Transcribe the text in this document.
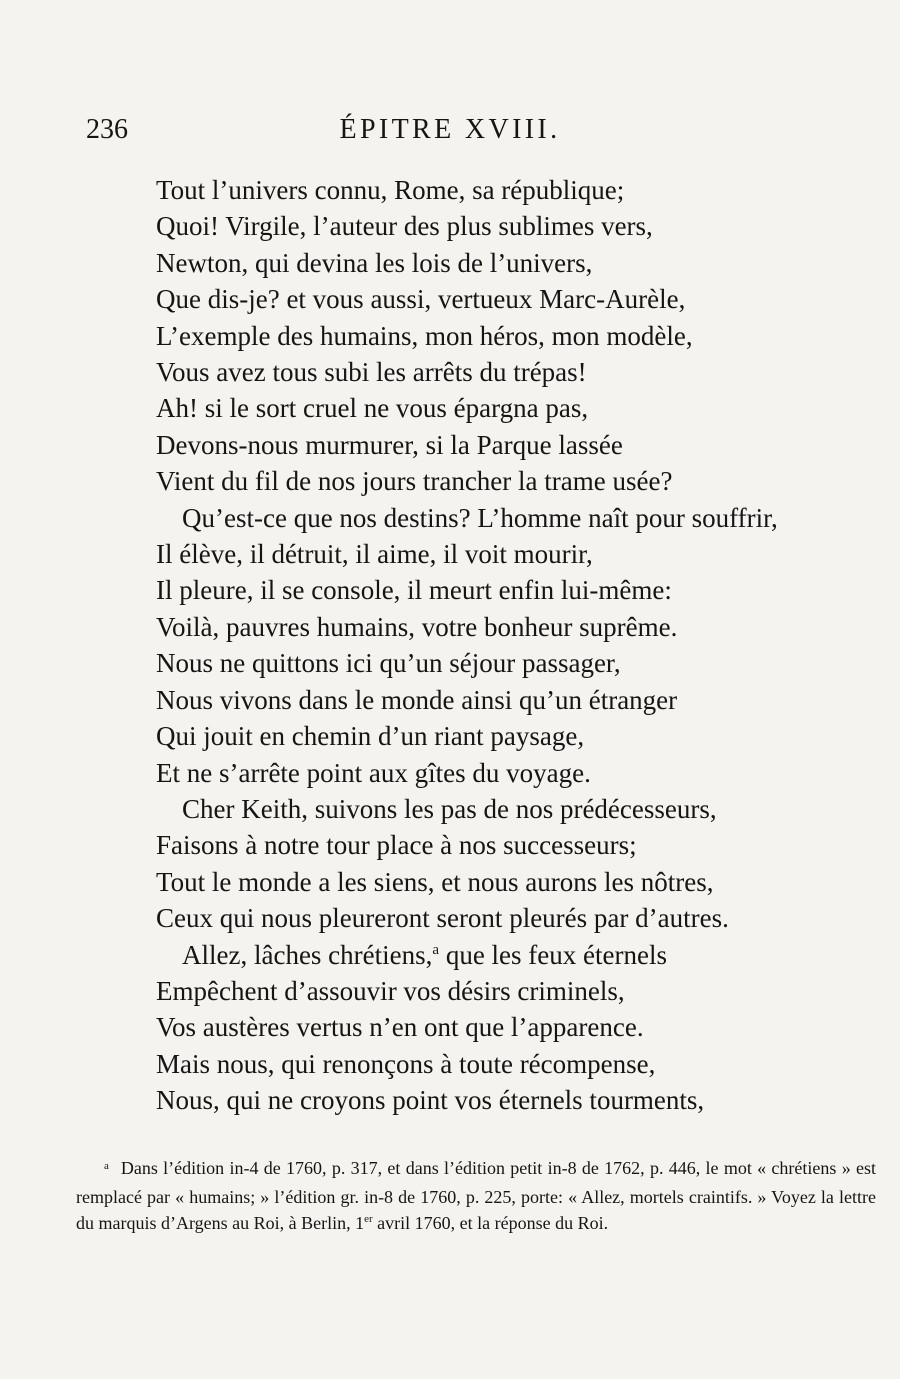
236	ÉPITRE XVIII.
Tout l’univers connu, Rome, sa république;
Quoi! Virgile, l’auteur des plus sublimes vers,
Newton, qui devina les lois de l’univers,
Que dis-je? et vous aussi, vertueux Marc-Aurèle,
L’exemple des humains, mon héros, mon modèle,
Vous avez tous subi les arrêts du trépas!
Ah! si le sort cruel ne vous épargna pas,
Devons-nous murmurer, si la Parque lassée
Vient du fil de nos jours trancher la trame usée?
Qu’est-ce que nos destins? L’homme naît pour souffrir,
Il élève, il détruit, il aime, il voit mourir,
Il pleure, il se console, il meurt enfin lui-même:
Voilà, pauvres humains, votre bonheur suprême.
Nous ne quittons ici qu’un séjour passager,
Nous vivons dans le monde ainsi qu’un étranger
Qui jouit en chemin d’un riant paysage,
Et ne s’arrête point aux gîtes du voyage.
Cher Keith, suivons les pas de nos prédécesseurs,
Faisons à notre tour place à nos successeurs;
Tout le monde a les siens, et nous aurons les nôtres,
Ceux qui nous pleureront seront pleurés par d’autres.
Allez, lâches chrétiens,$^a$ que les feux éternels
Empêchent d’assouvir vos désirs criminels,
Vos austères vertus n’en ont que l’apparence.
Mais nous, qui renonçons à toute récompense,
Nous, qui ne croyons point vos éternels tourments,
$^a$ Dans l’édition in-4 de 1760, p. 317, et dans l’édition petit in-8 de 1762, p. 446, le mot « chrétiens » est remplacé par « humains; » l’édition gr. in-8 de 1760, p. 225, porte: « Allez, mortels craintifs. » Voyez la lettre du marquis d’Argens au Roi, à Berlin, 1er avril 1760, et la réponse du Roi.
